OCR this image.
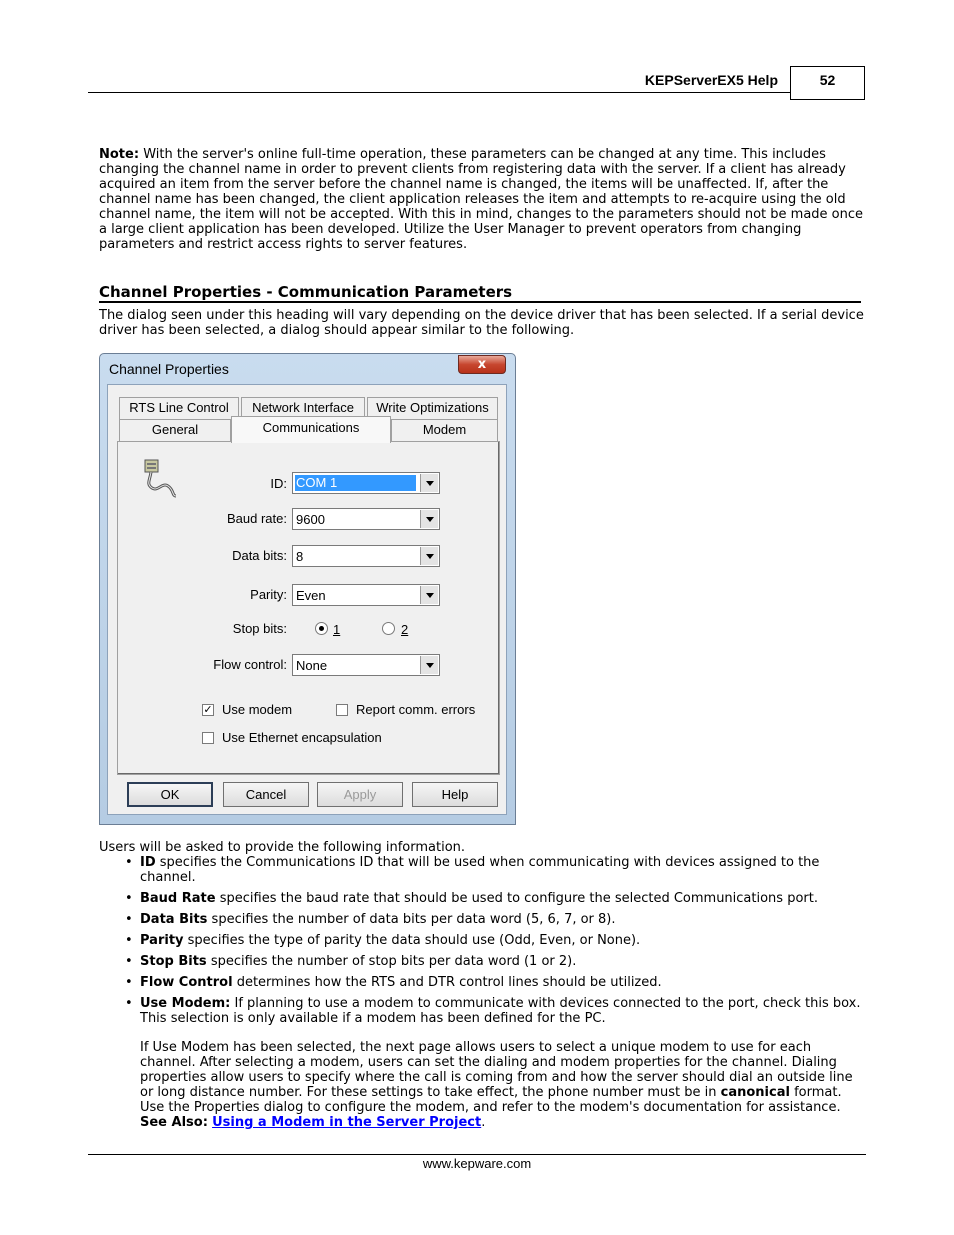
KEPServerEX5 Help	52
Note: With the server's online full-time operation, these parameters can be changed at any time. This includes changing the channel name in order to prevent clients from registering data with the server. If a client has already acquired an item from the server before the channel name is changed, the items will be unaffected. If, after the channel name has been changed, the client application releases the item and attempts to re-acquire using the old channel name, the item will not be accepted. With this in mind, changes to the parameters should not be made once a large client application has been developed. Utilize the User Manager to prevent operators from changing parameters and restrict access rights to server features.
Channel Properties - Communication Parameters
The dialog seen under this heading will vary depending on the device driver that has been selected. If a serial device driver has been selected, a dialog should appear similar to the following.
Channel Properties	x
RTS Line Control	Network Interface	Write Optimizations
General	Communications	Modem
ID: COM 1
Baud rate: 9600
Data bits: 8
Parity: Even
Stop bits:	1	2
Flow control: None
✓ Use modem	Report comm. errors
Use Ethernet encapsulation
OK	Cancel	Apply	Help
Users will be asked to provide the following information.
• ID specifies the Communications ID that will be used when communicating with devices assigned to the channel.
• Baud Rate specifies the baud rate that should be used to configure the selected Communications port.
• Data Bits specifies the number of data bits per data word (5, 6, 7, or 8).
• Parity specifies the type of parity the data should use (Odd, Even, or None).
• Stop Bits specifies the number of stop bits per data word (1 or 2).
• Flow Control determines how the RTS and DTR control lines should be utilized.
• Use Modem: If planning to use a modem to communicate with devices connected to the port, check this box. This selection is only available if a modem has been defined for the PC.
If Use Modem has been selected, the next page allows users to select a unique modem to use for each channel. After selecting a modem, users can set the dialing and modem properties for the channel. Dialing properties allow users to specify where the call is coming from and how the server should dial an outside line or long distance number. For these settings to take effect, the phone number must be in canonical format. Use the Properties dialog to configure the modem, and refer to the modem's documentation for assistance. See Also: Using a Modem in the Server Project.
www.kepware.com
